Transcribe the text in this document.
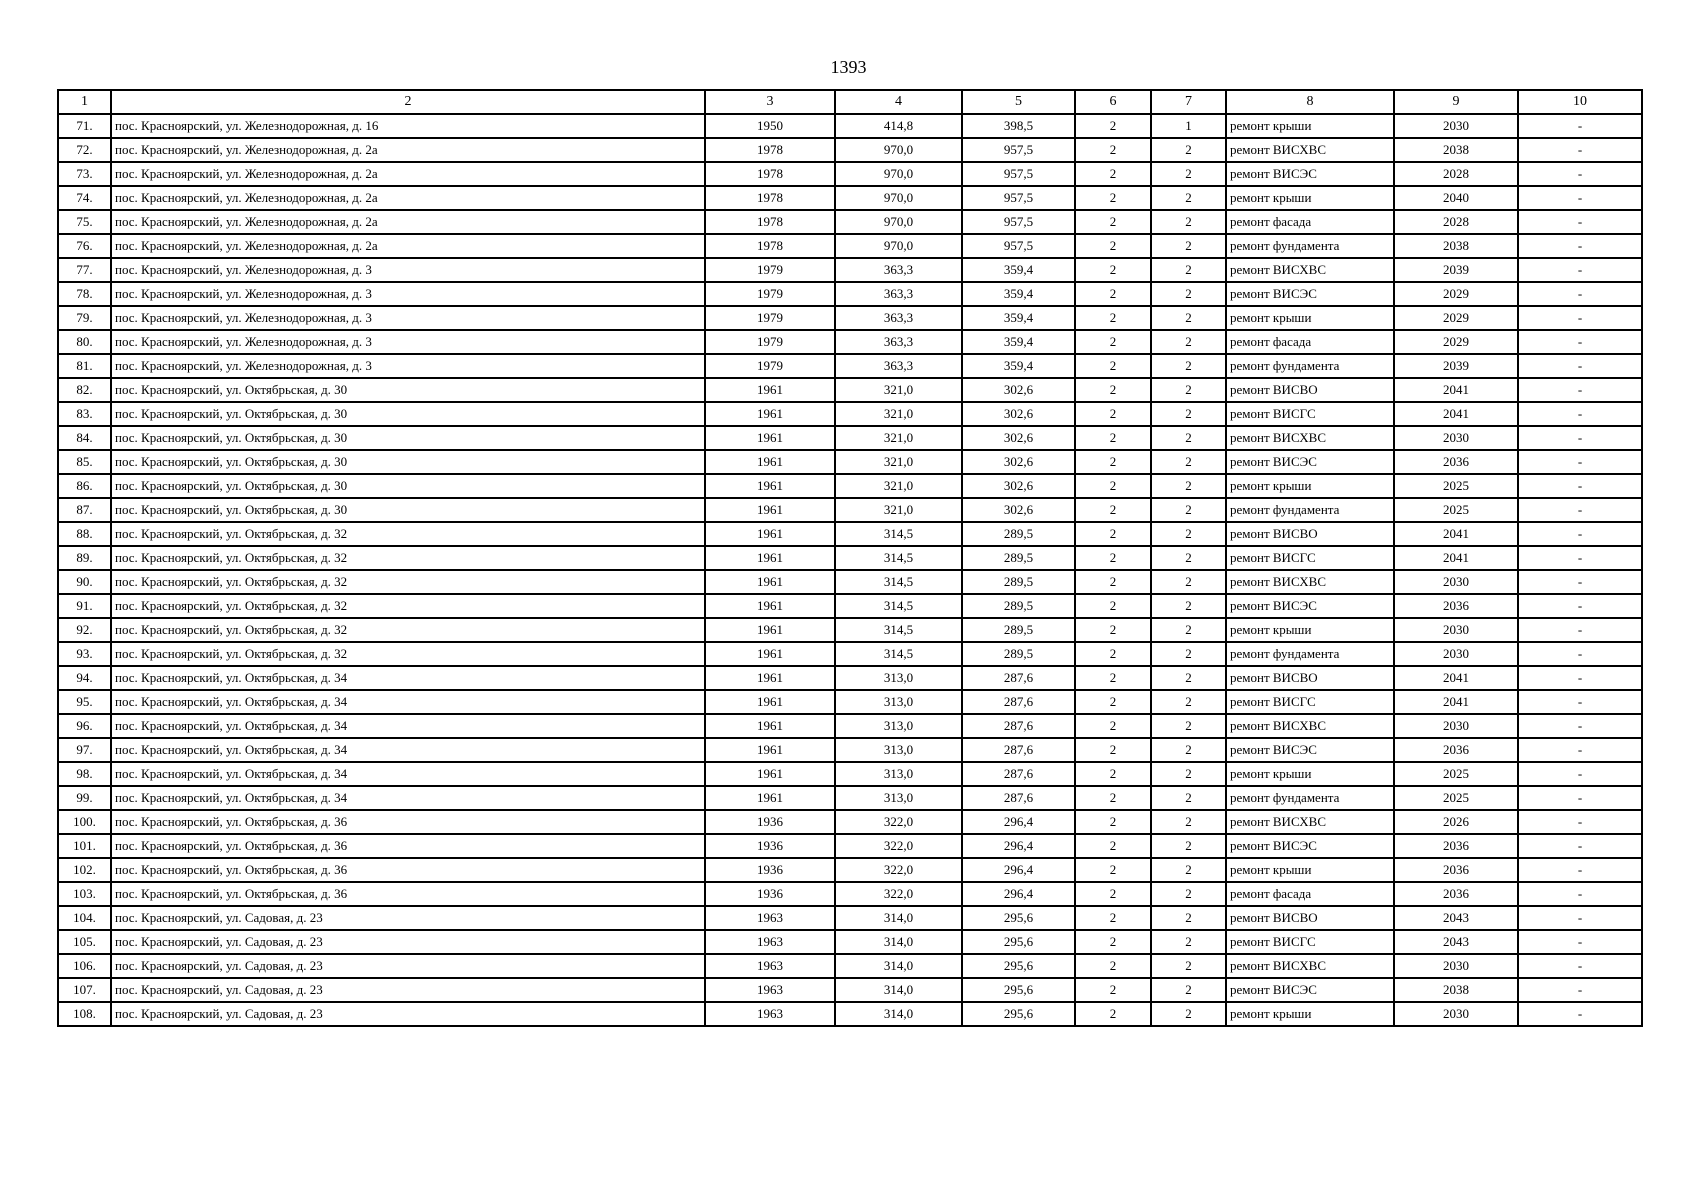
1393
1	2	3	4	5	6	7	8	9	10
71.	пос. Красноярский, ул. Железнодорожная, д. 16	1950	414,8	398,5	2	1	ремонт крыши	2030	-
72.	пос. Красноярский, ул. Железнодорожная, д. 2а	1978	970,0	957,5	2	2	ремонт ВИСХВС	2038	-
73.	пос. Красноярский, ул. Железнодорожная, д. 2а	1978	970,0	957,5	2	2	ремонт ВИСЭС	2028	-
74.	пос. Красноярский, ул. Железнодорожная, д. 2а	1978	970,0	957,5	2	2	ремонт крыши	2040	-
75.	пос. Красноярский, ул. Железнодорожная, д. 2а	1978	970,0	957,5	2	2	ремонт фасада	2028	-
76.	пос. Красноярский, ул. Железнодорожная, д. 2а	1978	970,0	957,5	2	2	ремонт фундамента	2038	-
77.	пос. Красноярский, ул. Железнодорожная, д. 3	1979	363,3	359,4	2	2	ремонт ВИСХВС	2039	-
78.	пос. Красноярский, ул. Железнодорожная, д. 3	1979	363,3	359,4	2	2	ремонт ВИСЭС	2029	-
79.	пос. Красноярский, ул. Железнодорожная, д. 3	1979	363,3	359,4	2	2	ремонт крыши	2029	-
80.	пос. Красноярский, ул. Железнодорожная, д. 3	1979	363,3	359,4	2	2	ремонт фасада	2029	-
81.	пос. Красноярский, ул. Железнодорожная, д. 3	1979	363,3	359,4	2	2	ремонт фундамента	2039	-
82.	пос. Красноярский, ул. Октябрьская, д. 30	1961	321,0	302,6	2	2	ремонт ВИСВО	2041	-
83.	пос. Красноярский, ул. Октябрьская, д. 30	1961	321,0	302,6	2	2	ремонт ВИСГС	2041	-
84.	пос. Красноярский, ул. Октябрьская, д. 30	1961	321,0	302,6	2	2	ремонт ВИСХВС	2030	-
85.	пос. Красноярский, ул. Октябрьская, д. 30	1961	321,0	302,6	2	2	ремонт ВИСЭС	2036	-
86.	пос. Красноярский, ул. Октябрьская, д. 30	1961	321,0	302,6	2	2	ремонт крыши	2025	-
87.	пос. Красноярский, ул. Октябрьская, д. 30	1961	321,0	302,6	2	2	ремонт фундамента	2025	-
88.	пос. Красноярский, ул. Октябрьская, д. 32	1961	314,5	289,5	2	2	ремонт ВИСВО	2041	-
89.	пос. Красноярский, ул. Октябрьская, д. 32	1961	314,5	289,5	2	2	ремонт ВИСГС	2041	-
90.	пос. Красноярский, ул. Октябрьская, д. 32	1961	314,5	289,5	2	2	ремонт ВИСХВС	2030	-
91.	пос. Красноярский, ул. Октябрьская, д. 32	1961	314,5	289,5	2	2	ремонт ВИСЭС	2036	-
92.	пос. Красноярский, ул. Октябрьская, д. 32	1961	314,5	289,5	2	2	ремонт крыши	2030	-
93.	пос. Красноярский, ул. Октябрьская, д. 32	1961	314,5	289,5	2	2	ремонт фундамента	2030	-
94.	пос. Красноярский, ул. Октябрьская, д. 34	1961	313,0	287,6	2	2	ремонт ВИСВО	2041	-
95.	пос. Красноярский, ул. Октябрьская, д. 34	1961	313,0	287,6	2	2	ремонт ВИСГС	2041	-
96.	пос. Красноярский, ул. Октябрьская, д. 34	1961	313,0	287,6	2	2	ремонт ВИСХВС	2030	-
97.	пос. Красноярский, ул. Октябрьская, д. 34	1961	313,0	287,6	2	2	ремонт ВИСЭС	2036	-
98.	пос. Красноярский, ул. Октябрьская, д. 34	1961	313,0	287,6	2	2	ремонт крыши	2025	-
99.	пос. Красноярский, ул. Октябрьская, д. 34	1961	313,0	287,6	2	2	ремонт фундамента	2025	-
100.	пос. Красноярский, ул. Октябрьская, д. 36	1936	322,0	296,4	2	2	ремонт ВИСХВС	2026	-
101.	пос. Красноярский, ул. Октябрьская, д. 36	1936	322,0	296,4	2	2	ремонт ВИСЭС	2036	-
102.	пос. Красноярский, ул. Октябрьская, д. 36	1936	322,0	296,4	2	2	ремонт крыши	2036	-
103.	пос. Красноярский, ул. Октябрьская, д. 36	1936	322,0	296,4	2	2	ремонт фасада	2036	-
104.	пос. Красноярский, ул. Садовая, д. 23	1963	314,0	295,6	2	2	ремонт ВИСВО	2043	-
105.	пос. Красноярский, ул. Садовая, д. 23	1963	314,0	295,6	2	2	ремонт ВИСГС	2043	-
106.	пос. Красноярский, ул. Садовая, д. 23	1963	314,0	295,6	2	2	ремонт ВИСХВС	2030	-
107.	пос. Красноярский, ул. Садовая, д. 23	1963	314,0	295,6	2	2	ремонт ВИСЭС	2038	-
108.	пос. Красноярский, ул. Садовая, д. 23	1963	314,0	295,6	2	2	ремонт крыши	2030	-
